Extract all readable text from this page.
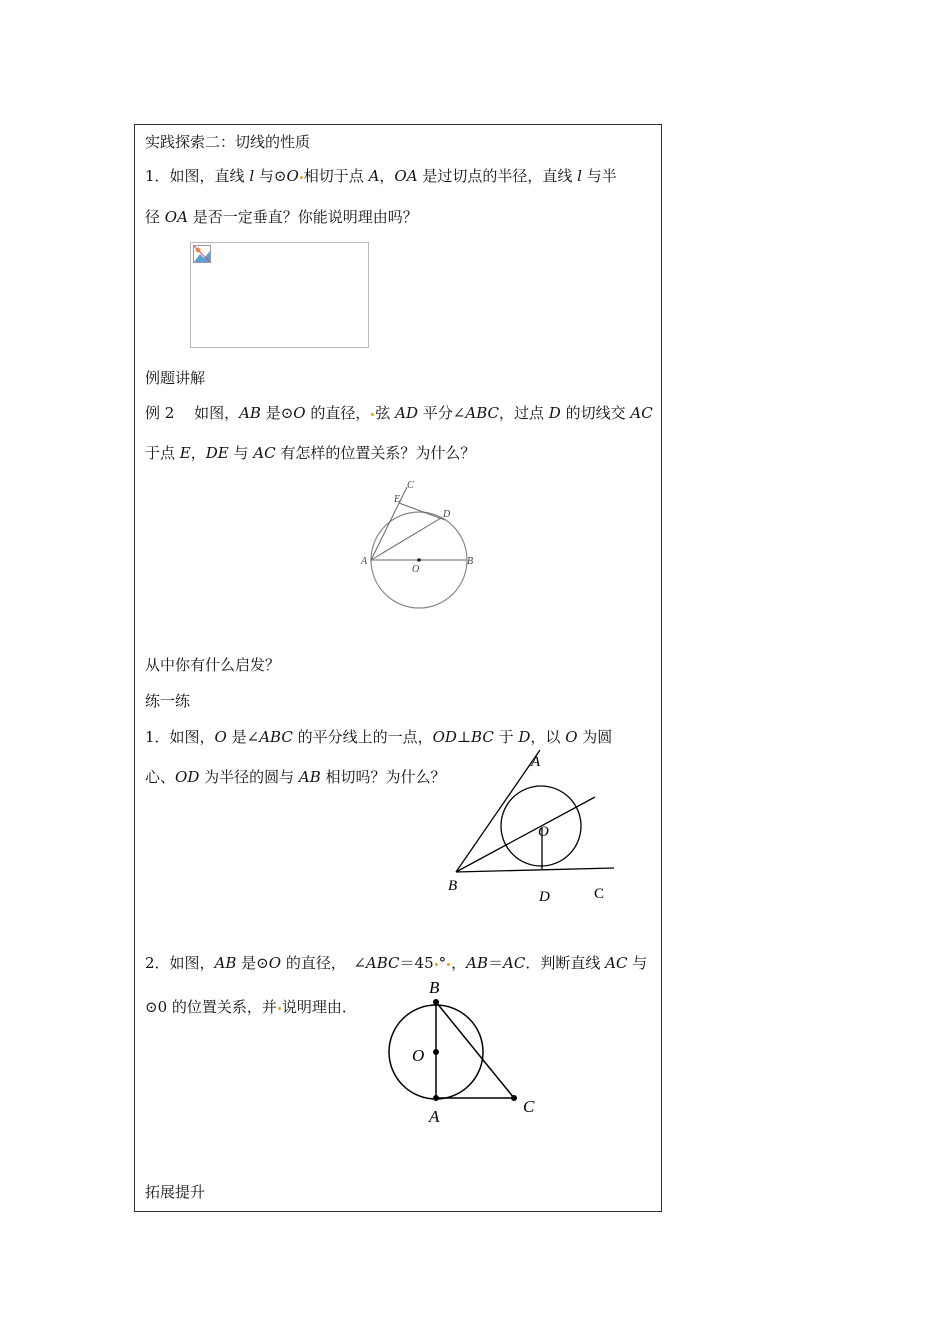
实践探索二：切线的性质
1．如图，直线 l 与⊙O 相切于点 A，OA 是过切点的半径，直线 l 与半
径 OA 是否一定垂直？你能说明理由吗？
例题讲解
例 2　 如图，AB 是⊙O 的直径， 弦 AD 平分∠ABC，过点 D 的切线交 AC
于点 E，DE 与 AC 有怎样的位置关系？为什么？
A	B
C
D
E
O
从中你有什么启发？
练一练
1．如图，O 是∠ABC 的平分线上的一点，OD⊥BC 于 D，以 O 为圆
心、OD 为半径的圆与 AB 相切吗？为什么？
A
B	C
D
O
2．如图，AB 是⊙O 的直径，　∠ABC＝45 ° ，AB＝AC．判断直线 AC 与
⊙0 的位置关系，并 说明理由．
B
O
A
C
拓展提升
